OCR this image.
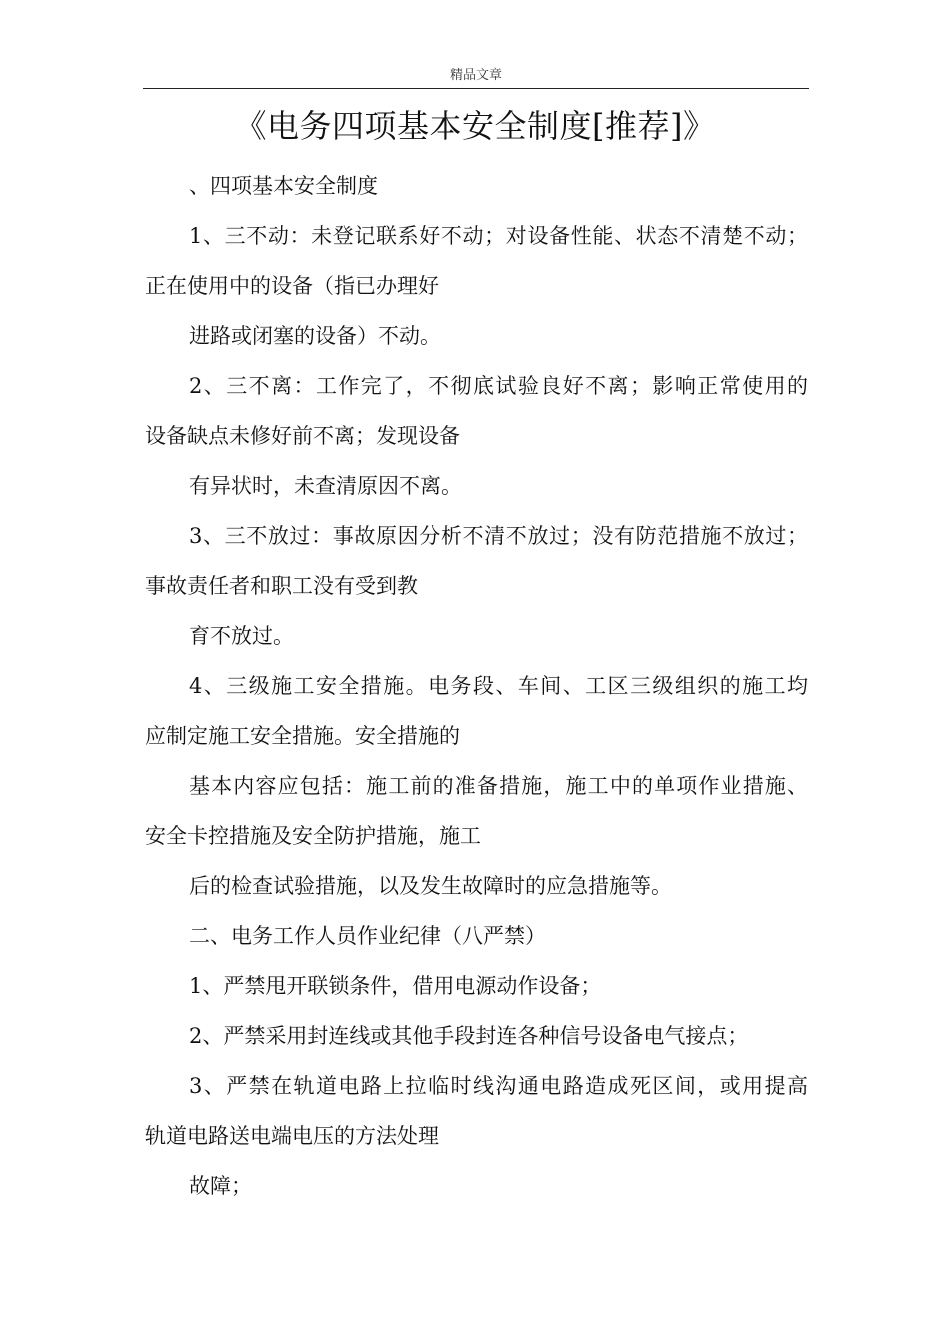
精品文章
《电务四项基本安全制度[推荐]》
、四项基本安全制度
1、三不动：未登记联系好不动；对设备性能、状态不清楚不动；
正在使用中的设备（指已办理好
进路或闭塞的设备）不动。
2、三不离：工作完了，不彻底试验良好不离；影响正常使用的
设备缺点未修好前不离；发现设备
有异状时，未查清原因不离。
3、三不放过：事故原因分析不清不放过；没有防范措施不放过；
事故责任者和职工没有受到教
育不放过。
4、三级施工安全措施。电务段、车间、工区三级组织的施工均
应制定施工安全措施。安全措施的
基本内容应包括：施工前的准备措施，施工中的单项作业措施、
安全卡控措施及安全防护措施，施工
后的检查试验措施，以及发生故障时的应急措施等。
二、电务工作人员作业纪律（八严禁）
1、严禁甩开联锁条件，借用电源动作设备；
2、严禁采用封连线或其他手段封连各种信号设备电气接点；
3、严禁在轨道电路上拉临时线沟通电路造成死区间，或用提高
轨道电路送电端电压的方法处理
故障；
